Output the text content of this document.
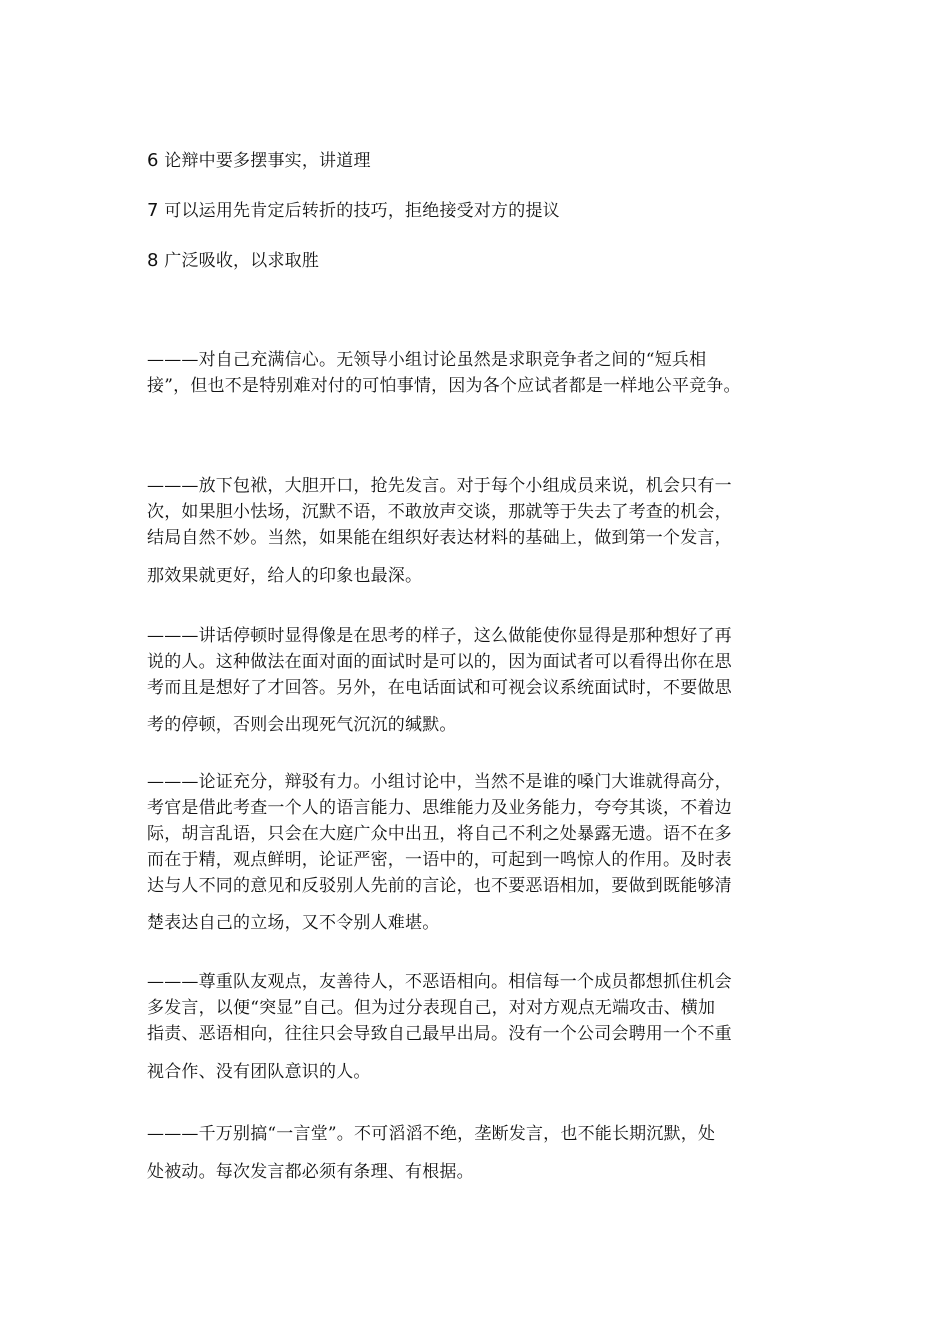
6 论辩中要多摆事实，讲道理
7 可以运用先肯定后转折的技巧，拒绝接受对方的提议
8 广泛吸收，以求取胜
———对自己充满信心。无领导小组讨论虽然是求职竞争者之间的“短兵相
接”，但也不是特别难对付的可怕事情，因为各个应试者都是一样地公平竞争。
———放下包袱，大胆开口，抢先发言。对于每个小组成员来说，机会只有一
次，如果胆小怯场，沉默不语，不敢放声交谈，那就等于失去了考查的机会，
结局自然不妙。当然，如果能在组织好表达材料的基础上，做到第一个发言，
那效果就更好，给人的印象也最深。
———讲话停顿时显得像是在思考的样子，这么做能使你显得是那种想好了再
说的人。这种做法在面对面的面试时是可以的，因为面试者可以看得出你在思
考而且是想好了才回答。另外，在电话面试和可视会议系统面试时，不要做思
考的停顿，否则会出现死气沉沉的缄默。
———论证充分，辩驳有力。小组讨论中，当然不是谁的嗓门大谁就得高分，
考官是借此考查一个人的语言能力、思维能力及业务能力，夸夸其谈，不着边
际，胡言乱语，只会在大庭广众中出丑，将自己不利之处暴露无遗。语不在多
而在于精，观点鲜明，论证严密，一语中的，可起到一鸣惊人的作用。及时表
达与人不同的意见和反驳别人先前的言论，也不要恶语相加，要做到既能够清
楚表达自己的立场，又不令别人难堪。
———尊重队友观点，友善待人，不恶语相向。相信每一个成员都想抓住机会
多发言，以便“突显”自己。但为过分表现自己，对对方观点无端攻击、横加
指责、恶语相向，往往只会导致自己最早出局。没有一个公司会聘用一个不重
视合作、没有团队意识的人。
———千万别搞“一言堂”。不可滔滔不绝，垄断发言，也不能长期沉默，处
处被动。每次发言都必须有条理、有根据。
